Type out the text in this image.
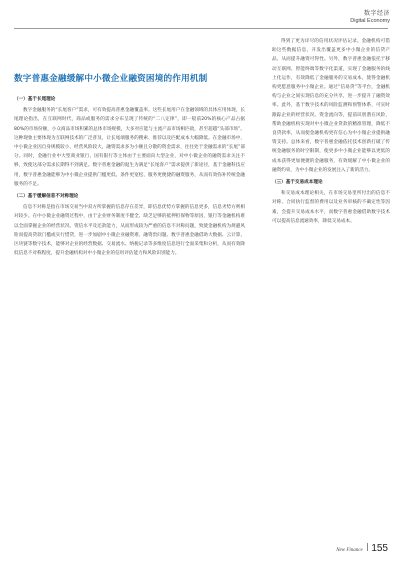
数字经济
Digital Economy
数字普惠金融缓解中小微企业融资困境的作用机制
（一）基于长尾理论

数字金融服务的“长尾客户”需求，可有效提高普惠金融覆盖率。这些长尾用户在金融领域的具体应用体现，长尾理论指出，在互联网时代，商品或服务的需求分布呈现了传统的“二八定律”，即一般前20%的核心产品占据80%的市场份额，小众商品市场积累的总体市场规模，大多对应能与主流产品市场相匹敌，甚至超越“头部市场”。这种现象主要体现为互联网技术的广泛普及，让长尾端服务的搜索、推荐以及匹配成本大幅降低。在金融市场中，中小微企业因自身规模较小、经营风险较大，融资需求多为小额且分散的资金需求，往往处于金融需求的“长尾”部分。同时，金融行业中大型商业银行、国有银行等主体由于主要面向大型企业，对中小微企业的融资需求关注不够，致使这部分需求长期得不到满足。数字普惠金融的诞生为满足“长尾客户”需求提供了新途径，基于金融科技应用，数字普惠金融能够为中小微企业提供门槛更低、条件更宽松、服务更便捷的融资服务，从而有效弥补传统金融服务的不足。

（二）基于缓解信息不对称理论

信息不对称是指在市场交易当中双方所掌握的信息存在差异，即信息优势方掌握的信息更多，信息劣势方则相对较少。在中小微企业融资过程中，由于企业财务制度不健全、缺乏足够的抵押担保物等原因，银行等金融机构难以全面掌握企业的经营状况、资信水平及还款能力，从而形成较为严重的信息不对称问题，致使金融机构为规避风险而提高贷款门槛或实行惜贷，进一步加剧中小微企业融资难、融资贵问题。数字普惠金融借助大数据、云计算、区块链等数字技术，能够对企业的经营数据、交易流水、纳税记录等多维度信息进行全面采集和分析，从而有效降低信息不对称程度，提升金融机构对中小微企业的信用评估能力和风险识别能力。

得到了更为详尽的信用状况评估记录。金融机构可借助这些数据信息，开发出覆盖更多中小微企业的信贷产品，从而提升融资可得性。另外，数字普惠金融依托于移动互联网、智能终端等数字化渠道，实现了金融服务的线上化运作，有效降低了金融服务的交易成本，使得金融机构更愿意服务中小微企业。通过“信易贷”等平台，金融机构与企业之间实现信息的充分共享，进一步提升了融资效率。此外，基于数字技术的风险监测和预警体系，可实时跟踪企业的经营状况、资金流向等，提前识别潜在风险，帮助金融机构实现对中小微企业贷款的精准管理，降低不良贷款率，从而使金融机构更有信心为中小微企业提供融资支持。总体来看，数字普惠金融依托技术创新打破了传统金融服务的时空限制，使更多中小微企业能够以更低的成本获得更加便捷的金融服务，有效缓解了中小微企业的融资约束，为中小微企业的发展注入了新的活力。

（三）基于交易成本理论

和交易成本理论相关，在市场交易里所付出的信息不对称、合同执行监督的费用以及业务审核的不确定性等因素，会提升交易成本水平，而数字普惠金融借助数字技术可以提高信息流通效率，降低交易成本。

New Finance 155
